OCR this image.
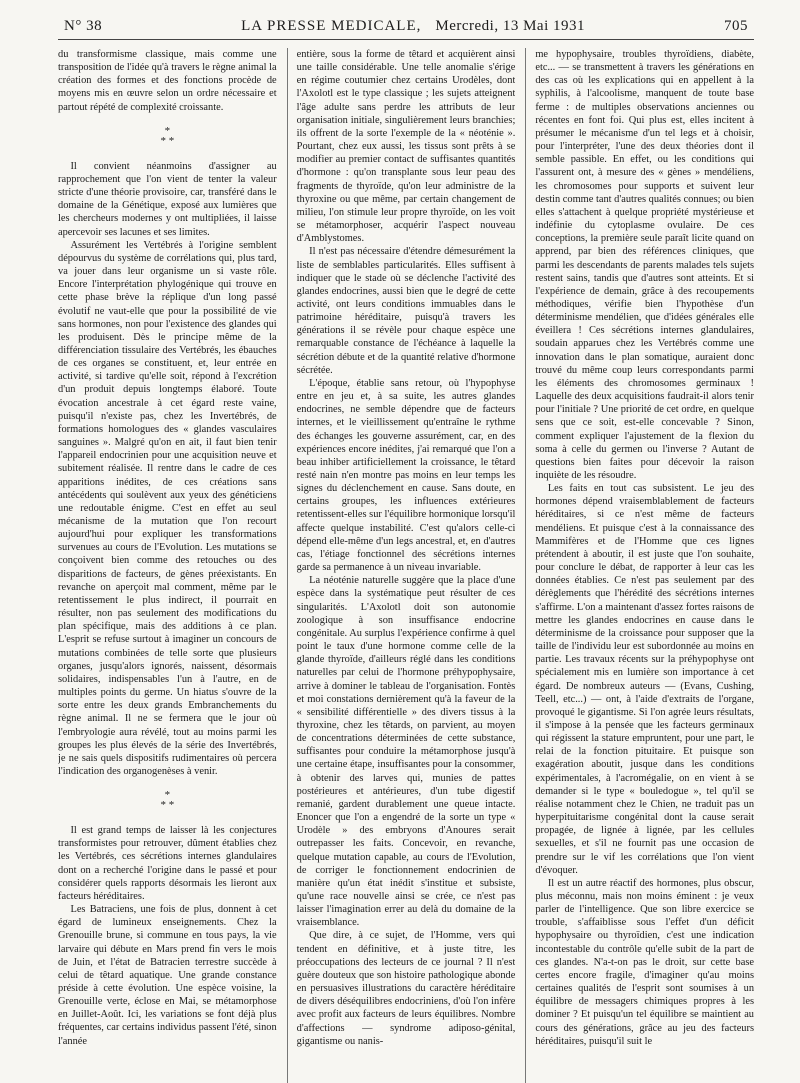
N° 38	LA PRESSE MEDICALE, Mercredi, 13 Mai 1931	705

du transformisme classique, mais comme une transposition de l'idée qu'à travers le règne animal la création des formes et des fonctions procède de moyens mis en œuvre selon un ordre nécessaire et partout répété de complexité croissante.

*
* *

Il convient néanmoins d'assigner au rapprochement que l'on vient de tenter la valeur stricte d'une théorie provisoire, car, transféré dans le domaine de la Génétique, exposé aux lumières que les chercheurs modernes y ont multipliées, il laisse apercevoir ses lacunes et ses limites.

Assurément les Vertébrés à l'origine semblent dépourvus du système de corrélations qui, plus tard, va jouer dans leur organisme un si vaste rôle. Encore l'interprétation phylogénique qui trouve en cette phase brève la réplique d'un long passé évolutif ne vaut-elle que pour la possibilité de vie sans hormones, non pour l'existence des glandes qui les produisent. Dès le principe même de la différenciation tissulaire des Vertébrés, les ébauches de ces organes se constituent, et, leur entrée en activité, si tardive qu'elle soit, répond à l'excrétion d'un produit depuis longtemps élaboré. Toute évocation ancestrale à cet égard reste vaine, puisqu'il n'existe pas, chez les Invertébrés, de formations homologues des « glandes vasculaires sanguines ». Malgré qu'on en ait, il faut bien tenir l'appareil endocrinien pour une acquisition neuve et subitement réalisée. Il rentre dans le cadre de ces apparitions inédites, de ces créations sans antécédents qui soulèvent aux yeux des généticiens une redoutable énigme. C'est en effet au seul mécanisme de la mutation que l'on recourt aujourd'hui pour expliquer les transformations survenues au cours de l'Evolution. Les mutations se conçoivent bien comme des retouches ou des disparitions de facteurs, de gènes préexistants. En revanche on aperçoit mal comment, même par le retentissement le plus indirect, il pourrait en résulter, non pas seulement des modifications du plan spécifique, mais des additions à ce plan. L'esprit se refuse surtout à imaginer un concours de mutations combinées de telle sorte que plusieurs organes, jusqu'alors ignorés, naissent, désormais solidaires, indispensables l'un à l'autre, en de multiples points du germe. Un hiatus s'ouvre de la sorte entre les deux grands Embranchements du règne animal. Il ne se fermera que le jour où l'embryologie aura révélé, tout au moins parmi les groupes les plus élevés de la série des Invertébrés, je ne sais quels dispositifs rudimentaires où percera l'indication des organogenèses à venir.

*
* *

Il est grand temps de laisser là les conjectures transformistes pour retrouver, dûment établies chez les Vertébrés, ces sécrétions internes glandulaires dont on a recherché l'origine dans le passé et pour considérer quels rapports désormais les lieront aux facteurs héréditaires.

Les Batraciens, une fois de plus, donnent à cet égard de lumineux enseignements. Chez la Grenouille brune, si commune en tous pays, la vie larvaire qui débute en Mars prend fin vers le mois de Juin, et l'état de Batracien terrestre succède à celui de têtard aquatique. Une grande constance préside à cette évolution. Une espèce voisine, la Grenouille verte, éclose en Mai, se métamorphose en Juillet-Août. Ici, les variations se font déjà plus fréquentes, car certains individus passent l'été, sinon l'année

entière, sous la forme de têtard et acquièrent ainsi une taille considérable. Une telle anomalie s'érige en régime coutumier chez certains Urodèles, dont l'Axolotl est le type classique ; les sujets atteignent l'âge adulte sans perdre les attributs de leur organisation initiale, singulièrement leurs branchies; ils offrent de la sorte l'exemple de la « néoténie ». Pourtant, chez eux aussi, les tissus sont prêts à se modifier au premier contact de suffisantes quantités d'hormone : qu'on transplante sous leur peau des fragments de thyroïde, qu'on leur administre de la thyroxine ou que même, par certain changement de milieu, l'on stimule leur propre thyroïde, on les voit se métamorphoser, acquérir l'aspect nouveau d'Amblystomes.

Il n'est pas nécessaire d'étendre démesurément la liste de semblables particularités. Elles suffisent à indiquer que le stade où se déclenche l'activité des glandes endocrines, aussi bien que le degré de cette activité, ont leurs conditions immuables dans le patrimoine héréditaire, puisqu'à travers les générations il se révèle pour chaque espèce une remarquable constance de l'échéance à laquelle la sécrétion débute et de la quantité relative d'hormone sécrétée.

L'époque, établie sans retour, où l'hypophyse entre en jeu et, à sa suite, les autres glandes endocrines, ne semble dépendre que de facteurs internes, et le vieillissement qu'entraîne le rythme des échanges les gouverne assurément, car, en des expériences encore inédites, j'ai remarqué que l'on a beau inhiber artificiellement la croissance, le têtard resté nain n'en montre pas moins en leur temps les signes du déclenchement en cause. Sans doute, en certains groupes, les influences extérieures retentissent-elles sur l'équilibre hormonique lorsqu'il affecte quelque instabilité. C'est qu'alors celle-ci dépend elle-même d'un legs ancestral, et, en d'autres cas, l'étiage fonctionnel des sécrétions internes garde sa permanence à un niveau invariable.

La néoténie naturelle suggère que la place d'une espèce dans la systématique peut résulter de ces singularités. L'Axolotl doit son autonomie zoologique à son insuffisance endocrine congénitale. Au surplus l'expérience confirme à quel point le taux d'une hormone comme celle de la glande thyroïde, d'ailleurs réglé dans les conditions naturelles par celui de l'hormone préhypophysaire, arrive à dominer le tableau de l'organisation. Fontès et moi constations dernièrement qu'à la faveur de la « sensibilité différentielle » des divers tissus à la thyroxine, chez les têtards, on parvient, au moyen de concentrations déterminées de cette substance, suffisantes pour conduire la métamorphose jusqu'à une certaine étape, insuffisantes pour la consommer, à obtenir des larves qui, munies de pattes postérieures et antérieures, d'un tube digestif remanié, gardent durablement une queue intacte. Enoncer que l'on a engendré de la sorte un type « Urodèle » des embryons d'Anoures serait outrepasser les faits. Concevoir, en revanche, quelque mutation capable, au cours de l'Evolution, de corriger le fonctionnement endocrinien de manière qu'un état inédit s'institue et subsiste, qu'une race nouvelle ainsi se crée, ce n'est pas laisser l'imagination errer au delà du domaine de la vraisemblance.

Que dire, à ce sujet, de l'Homme, vers qui tendent en définitive, et à juste titre, les préoccupations des lecteurs de ce journal ? Il n'est guère douteux que son histoire pathologique abonde en persuasives illustrations du caractère héréditaire de divers déséquilibres endocriniens, d'où l'on infère avec profit aux facteurs de leurs équilibres. Nombre d'affections — syndrome adiposo-génital, gigantisme ou nanis-

me hypophysaire, troubles thyroïdiens, diabète, etc... — se transmettent à travers les générations en des cas où les explications qui en appellent à la syphilis, à l'alcoolisme, manquent de toute base ferme : de multiples observations anciennes ou récentes en font foi. Qui plus est, elles incitent à présumer le mécanisme d'un tel legs et à choisir, pour l'interpréter, l'une des deux théories dont il semble passible. En effet, ou les conditions qui l'assurent ont, à mesure des « gènes » mendéliens, les chromosomes pour supports et suivent leur destin comme tant d'autres qualités connues; ou bien elles s'attachent à quelque propriété mystérieuse et indéfinie du cytoplasme ovulaire. De ces conceptions, la première seule paraît licite quand on apprend, par bien des références cliniques, que parmi les descendants de parents malades tels sujets restent sains, tandis que d'autres sont atteints. Et si l'expérience de demain, grâce à des recoupements méthodiques, vérifie bien l'hypothèse d'un déterminisme mendélien, que d'idées générales elle éveillera ! Ces sécrétions internes glandulaires, soudain apparues chez les Vertébrés comme une innovation dans le plan somatique, auraient donc trouvé du même coup leurs correspondants parmi les éléments des chromosomes germinaux ! Laquelle des deux acquisitions faudrait-il alors tenir pour l'initiale ? Une priorité de cet ordre, en quelque sens que ce soit, est-elle concevable ? Sinon, comment expliquer l'ajustement de la flexion du soma à celle du germen ou l'inverse ? Autant de questions bien faites pour décevoir la raison inquiète de les résoudre.

Les faits en tout cas subsistent. Le jeu des hormones dépend vraisemblablement de facteurs héréditaires, si ce n'est même de facteurs mendéliens. Et puisque c'est à la connaissance des Mammifères et de l'Homme que ces lignes prétendent à aboutir, il est juste que l'on souhaite, pour conclure le débat, de rapporter à leur cas les données établies. Ce n'est pas seulement par des dérèglements que l'hérédité des sécrétions internes s'affirme. L'on a maintenant d'assez fortes raisons de mettre les glandes endocrines en cause dans le déterminisme de la croissance pour supposer que la taille de l'individu leur est subordonnée au moins en partie. Les travaux récents sur la préhypophyse ont spécialement mis en lumière son importance à cet égard. De nombreux auteurs — (Evans, Cushing, Teell, etc...) — ont, à l'aide d'extraits de l'organe, provoqué le gigantisme. Si l'on agrée leurs résultats, il s'impose à la pensée que les facteurs germinaux qui régissent la stature empruntent, pour une part, le relai de la fonction pituitaire. Et puisque son exagération aboutit, jusque dans les conditions expérimentales, à l'acromégalie, on en vient à se demander si le type « bouledogue », tel qu'il se réalise notamment chez le Chien, ne traduit pas un hyperpituitarisme congénital dont la cause serait propagée, de lignée à lignée, par les cellules sexuelles, et s'il ne fournit pas une occasion de prendre sur le vif les corrélations que l'on vient d'évoquer.

Il est un autre réactif des hormones, plus obscur, plus méconnu, mais non moins éminent : je veux parler de l'intelligence. Que son libre exercice se trouble, s'affaiblisse sous l'effet d'un déficit hypophysaire ou thyroïdien, c'est une indication incontestable du contrôle qu'elle subit de la part de ces glandes. N'a-t-on pas le droit, sur cette base certes encore fragile, d'imaginer qu'au moins certaines qualités de l'esprit sont soumises à un équilibre de messagers chimiques propres à les dominer ? Et puisqu'un tel équilibre se maintient au cours des générations, grâce au jeu des facteurs héréditaires, puisqu'il suit le
